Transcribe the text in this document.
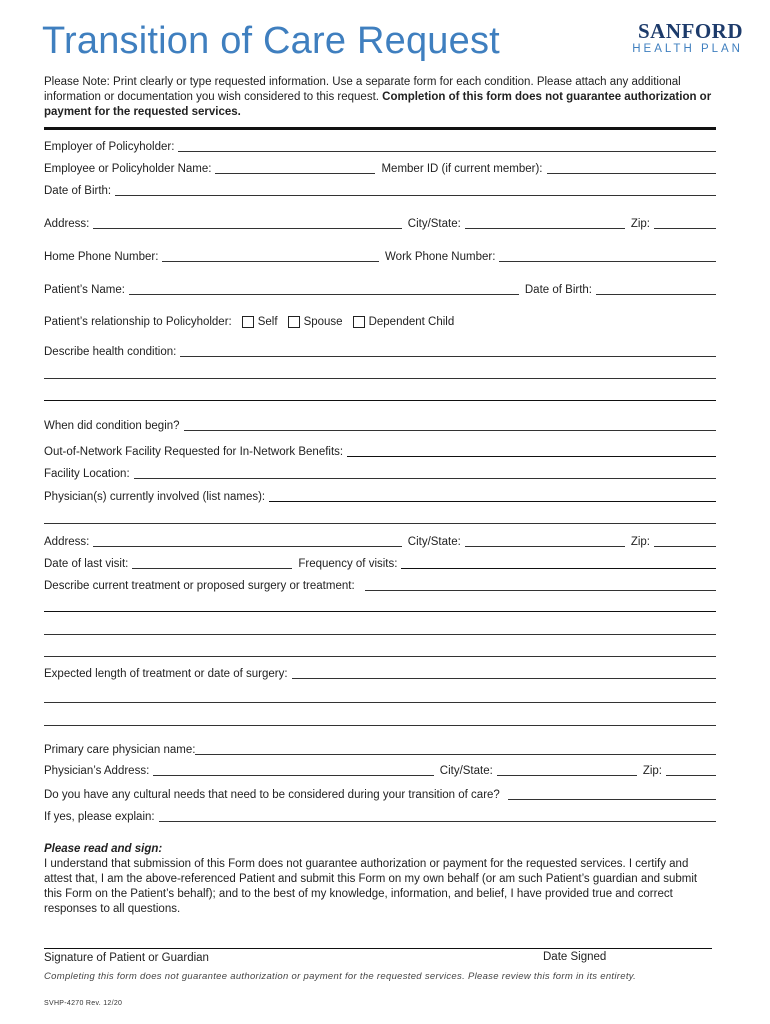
Transition of Care Request	SANFORD
HEALTH PLAN
Please Note: Print clearly or type requested information. Use a separate form for each condition. Please attach any additional information or documentation you wish considered to this request. Completion of this form does not guarantee authorization or payment for the requested services.
Employer of Policyholder:
Employee or Policyholder Name:	Member ID (if current member):
Date of Birth:
Address:	City/State:	Zip:
Home Phone Number:	Work Phone Number:
Patient’s Name:	Date of Birth:
Patient’s relationship to Policyholder:	Self Spouse Dependent Child
Describe health condition:
When did condition begin?
Out-of-Network Facility Requested for In-Network Benefits:
Facility Location:
Physician(s) currently involved (list names):
Address:	City/State:	Zip:
Date of last visit:	Frequency of visits:
Describe current treatment or proposed surgery or treatment:
Expected length of treatment or date of surgery:
Primary care physician name:
Physician’s Address:	City/State:	Zip:
Do you have any cultural needs that need to be considered during your transition of care?
If yes, please explain:
Please read and sign:
I understand that submission of this Form does not guarantee authorization or payment for the requested services. I certify and attest that, I am the above-referenced Patient and submit this Form on my own behalf (or am such Patient’s guardian and submit this Form on the Patient’s behalf); and to the best of my knowledge, information, and belief, I have provided true and correct responses to all questions.
Signature of Patient or Guardian	Date Signed
Completing this form does not guarantee authorization or payment for the requested services. Please review this form in its entirety.
SVHP-4270 Rev. 12/20
